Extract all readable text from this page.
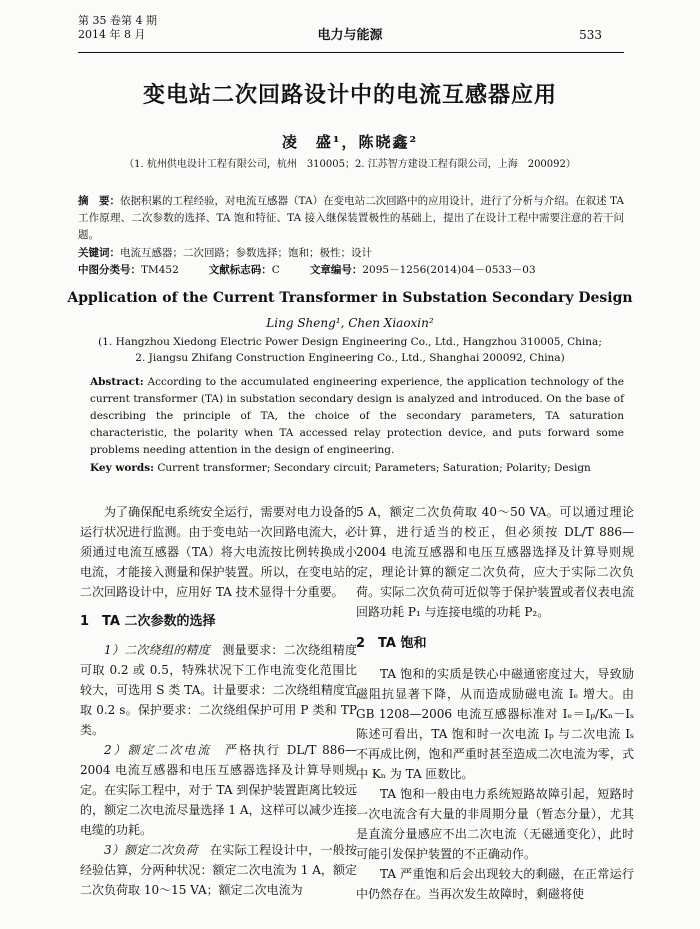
第 35 卷第 4 期
2014 年 8 月	电力与能源	533
变电站二次回路设计中的电流互感器应用
凌　盛¹，陈晓鑫²
（1. 杭州供电设计工程有限公司，杭州　310005；2. 江苏智方建设工程有限公司，上海　200092）

摘　要：依据积累的工程经验，对电流互感器（TA）在变电站二次回路中的应用设计，进行了分析与介绍。在叙述 TA 工作原理、二次参数的选择、TA 饱和特征、TA 接入继保装置极性的基础上，提出了在设计工程中需要注意的若干问题。

关键词：电流互感器；二次回路；参数选择；饱和；极性；设计
中图分类号：TM452	文献标志码：C	文章编号：2095－1256(2014)04－0533－03
Application of the Current Transformer in Substation Secondary Design
Ling Sheng¹, Chen Xiaoxin²
(1. Hangzhou Xiedong Electric Power Design Engineering Co., Ltd., Hangzhou 310005, China;
2. Jiangsu Zhifang Construction Engineering Co., Ltd., Shanghai 200092, China)

Abstract: According to the accumulated engineering experience, the application technology of the current transformer (TA) in substation secondary design is analyzed and introduced. On the base of describing the principle of TA, the choice of the secondary parameters, TA saturation characteristic, the polarity when TA accessed relay protection device, and puts forward some problems needing attention in the design of engineering.

Key words: Current transformer; Secondary circuit; Parameters; Saturation; Polarity; Design

为了确保配电系统安全运行，需要对电力设备的运行状况进行监测。由于变电站一次回路电流大，必须通过电流互感器（TA）将大电流按比例转换成小电流，才能接入测量和保护装置。所以，在变电站的二次回路设计中，应用好 TA 技术显得十分重要。

1　TA 二次参数的选择

1）二次绕组的精度　测量要求：二次绕组精度可取 0.2 或 0.5，特殊状况下工作电流变化范围比较大，可选用 S 类 TA。计量要求：二次绕组精度宜取 0.2 s。保护要求：二次绕组保护可用 P 类和 TP 类。

2）额定二次电流　严格执行 DL/T 886—2004 电流互感器和电压互感器选择及计算导则规定。在实际工程中，对于 TA 到保护装置距离比较远的，额定二次电流尽量选择 1 A，这样可以减少连接电缆的功耗。

3）额定二次负荷　在实际工程设计中，一般按经验估算，分两种状况：额定二次电流为 1 A，额定二次负荷取 10～15 VA；额定二次电流为

5 A，额定二次负荷取 40～50 VA。可以通过理论计算，进行适当的校正，但必须按 DL/T 886—2004 电流互感器和电压互感器选择及计算导则规定，理论计算的额定二次负荷，应大于实际二次负荷。实际二次负荷可近似等于保护装置或者仪表电流回路功耗 P₁ 与连接电缆的功耗 P₂。

2　TA 饱和

TA 饱和的实质是铁心中磁通密度过大，导致励磁阻抗显著下降，从而造成励磁电流 Iₑ 增大。由 GB 1208—2006 电流互感器标准对 Iₑ＝Iₚ/Kₙ－Iₛ 陈述可看出，TA 饱和时一次电流 Iₚ 与二次电流 Iₛ 不再成比例，饱和严重时甚至造成二次电流为零，式中 Kₙ 为 TA 匝数比。

TA 饱和一般由电力系统短路故障引起，短路时一次电流含有大量的非周期分量（暂态分量），尤其是直流分量感应不出二次电流（无磁通变化），此时可能引发保护装置的不正确动作。

TA 严重饱和后会出现较大的剩磁，在正常运行中仍然存在。当再次发生故障时，剩磁将使
